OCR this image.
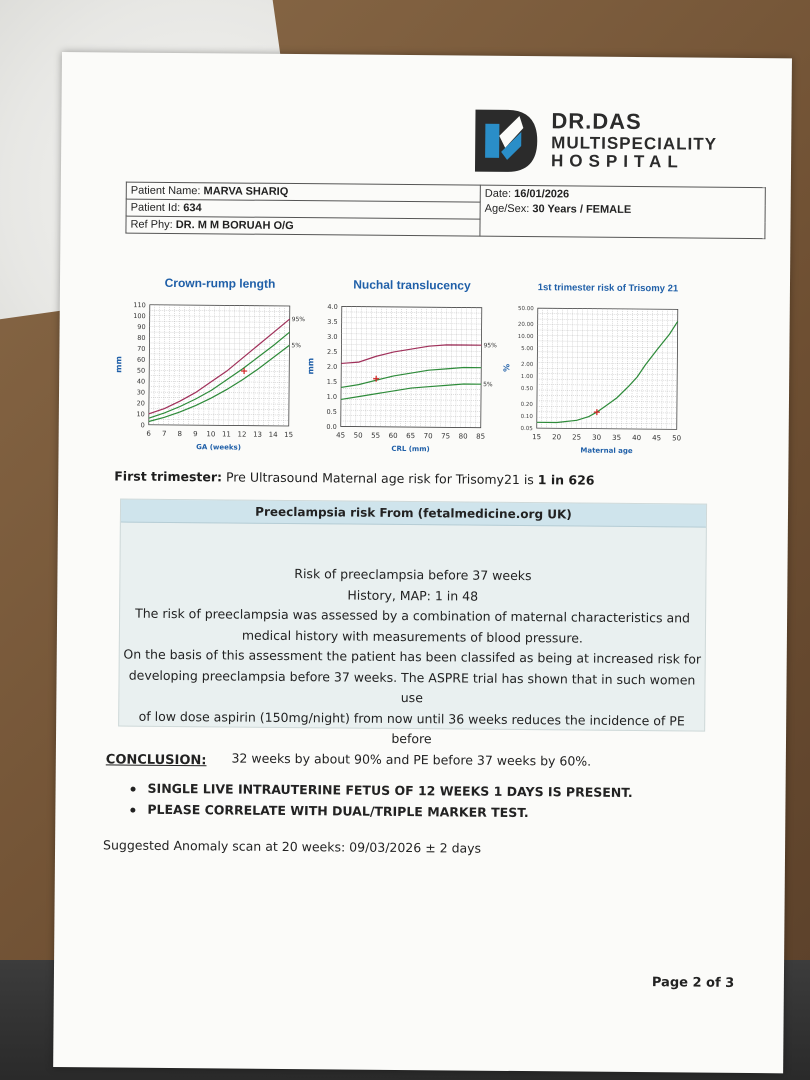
DR.DAS
MULTISPECIALITY
HOSPITAL
Patient Name: MARVA SHARIQ	Date: 16/01/2026
Age/Sex: 30 Years / FEMALE

Patient Id: 634
Ref Phy: DR. M M BORUAH O/G
Crown-rump length
0
10
20
30
40
50
60
70
80
90
100
110
6 7 8 9 10 11 12 13 14 15
GA (weeks)
mm
95%
5%
Nuchal translucency
0.0
0.5
1.0
1.5
2.0
2.5
3.0
3.5
4.0
45 50 55 60 65 70 75 80 85
CRL (mm)
mm
95%
5%
1st trimester risk of Trisomy 21
0.05
0.10
0.20
0.50
1.00
2.00
5.00
10.00
20.00
50.00
15 20 25 30 35 40 45 50
Maternal age
%
First trimester: Pre Ultrasound Maternal age risk for Trisomy21 is 1 in 626
Preeclampsia risk From (fetalmedicine.org UK)
Risk of preeclampsia before 37 weeks
History, MAP: 1 in 48
The risk of preeclampsia was assessed by a combination of maternal characteristics and
medical history with measurements of blood pressure.
On the basis of this assessment the patient has been classifed as being at increased risk for
developing preeclampsia before 37 weeks. The ASPRE trial has shown that in such women use
of low dose aspirin (150mg/night) from now until 36 weeks reduces the incidence of PE before
32 weeks by about 90% and PE before 37 weeks by 60%.
CONCLUSION:
SINGLE LIVE INTRAUTERINE FETUS OF 12 WEEKS 1 DAYS IS PRESENT.
PLEASE CORRELATE WITH DUAL/TRIPLE MARKER TEST.
Suggested Anomaly scan at 20 weeks: 09/03/2026 ± 2 days
Page 2 of 3
